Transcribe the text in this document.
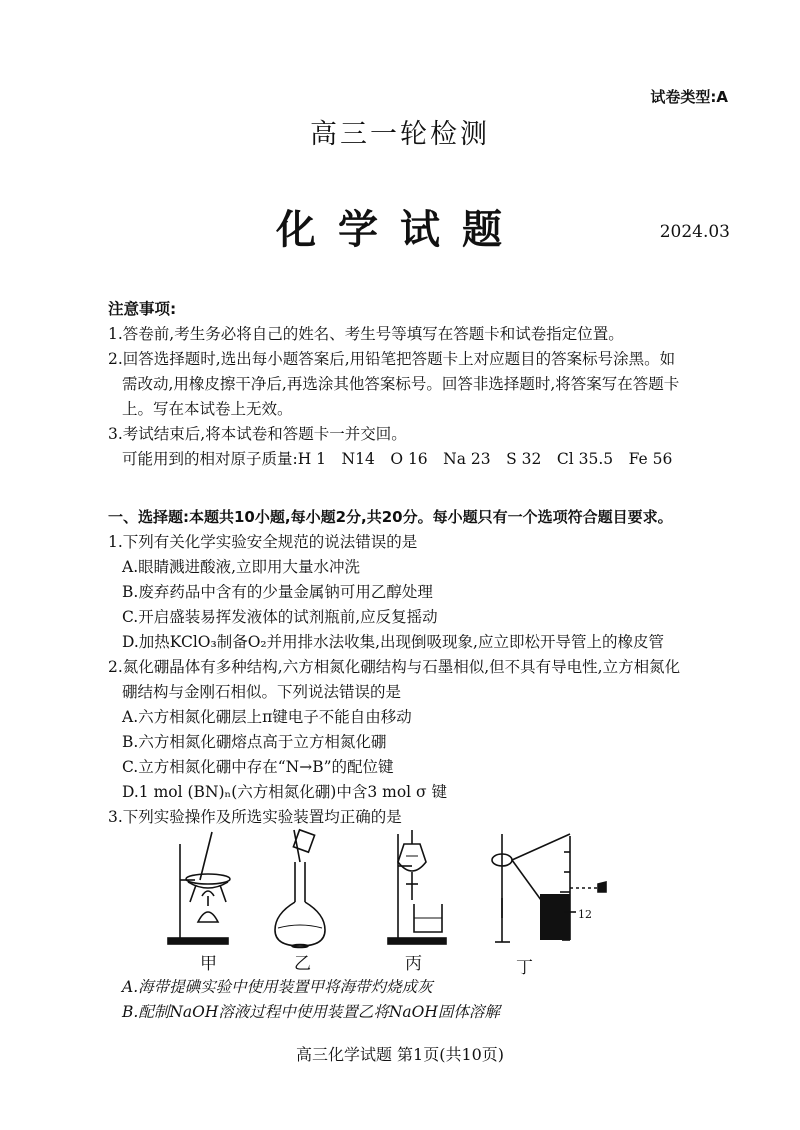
试卷类型:A
高三一轮检测
化学试题	2024.03
注意事项:
1.答卷前,考生务必将自己的姓名、考生号等填写在答题卡和试卷指定位置。
2.回答选择题时,选出每小题答案后,用铅笔把答题卡上对应题目的答案标号涂黑。如
需改动,用橡皮擦干净后,再选涂其他答案标号。回答非选择题时,将答案写在答题卡
上。写在本试卷上无效。
3.考试结束后,将本试卷和答题卡一并交回。
可能用到的相对原子质量:H 1　N14　O 16　Na 23　S 32　Cl 35.5　Fe 56
一、选择题:本题共10小题,每小题2分,共20分。每小题只有一个选项符合题目要求。
1.下列有关化学实验安全规范的说法错误的是
A.眼睛溅进酸液,立即用大量水冲洗
B.废弃药品中含有的少量金属钠可用乙醇处理
C.开启盛装易挥发液体的试剂瓶前,应反复摇动
D.加热KClO₃制备O₂并用排水法收集,出现倒吸现象,应立即松开导管上的橡皮管
2.氮化硼晶体有多种结构,六方相氮化硼结构与石墨相似,但不具有导电性,立方相氮化
硼结构与金刚石相似。下列说法错误的是
A.六方相氮化硼层上π键电子不能自由移动
B.六方相氮化硼熔点高于立方相氮化硼
C.立方相氮化硼中存在“N→B”的配位键
D.1 mol (BN)ₙ(六方相氮化硼)中含3 mol σ 键
3.下列实验操作及所选实验装置均正确的是
12
甲	乙	丙	丁
A.海带提碘实验中使用装置甲将海带灼烧成灰
B.配制NaOH溶液过程中使用装置乙将NaOH固体溶解
高三化学试题 第1页(共10页)
